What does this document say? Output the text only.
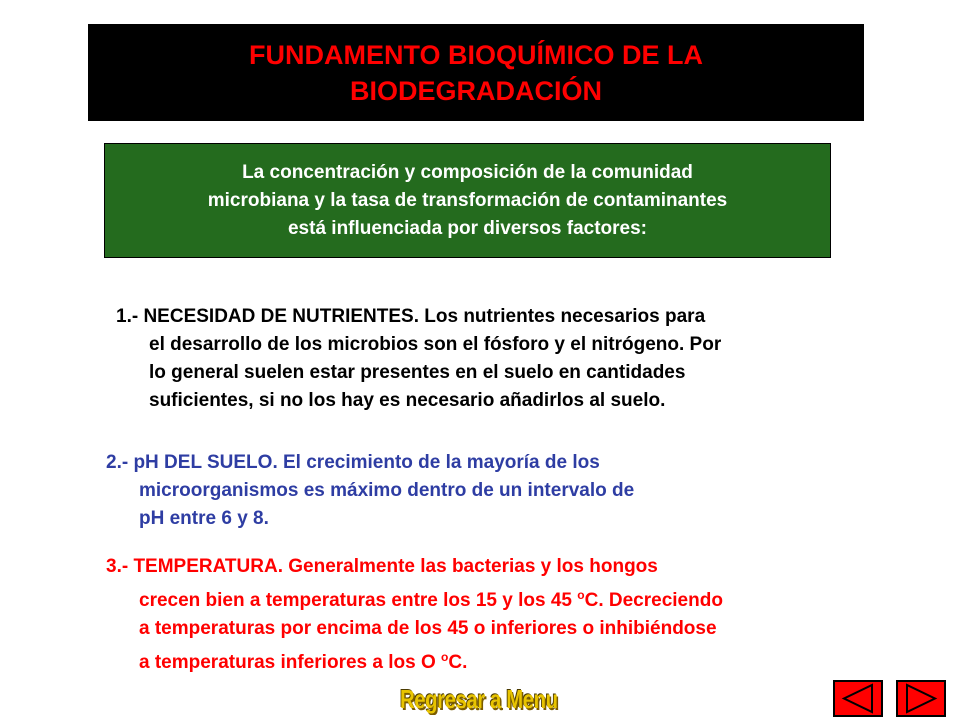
FUNDAMENTO BIOQUÍMICO DE LA
BIODEGRADACIÓN
La concentración y composición de la comunidad
microbiana y la tasa de transformación de contaminantes
está influenciada por diversos factores:
1.- NECESIDAD DE NUTRIENTES. Los nutrientes necesarios para
el desarrollo de los microbios son el fósforo y el nitrógeno. Por
lo general suelen estar presentes en el suelo en cantidades
suficientes, si no los hay es necesario añadirlos al suelo.
2.- pH DEL SUELO. El crecimiento de la mayoría de los
microorganismos es máximo dentro de un intervalo de
pH entre 6 y 8.
3.- TEMPERATURA. Generalmente las bacterias y los hongos
crecen bien a temperaturas entre los 15 y los 45 $^o$C. Decreciendo
a temperaturas por encima de los 45 o inferiores o inhibiéndose
a temperaturas inferiores a los O $^o$C.
Regresar a Menu
